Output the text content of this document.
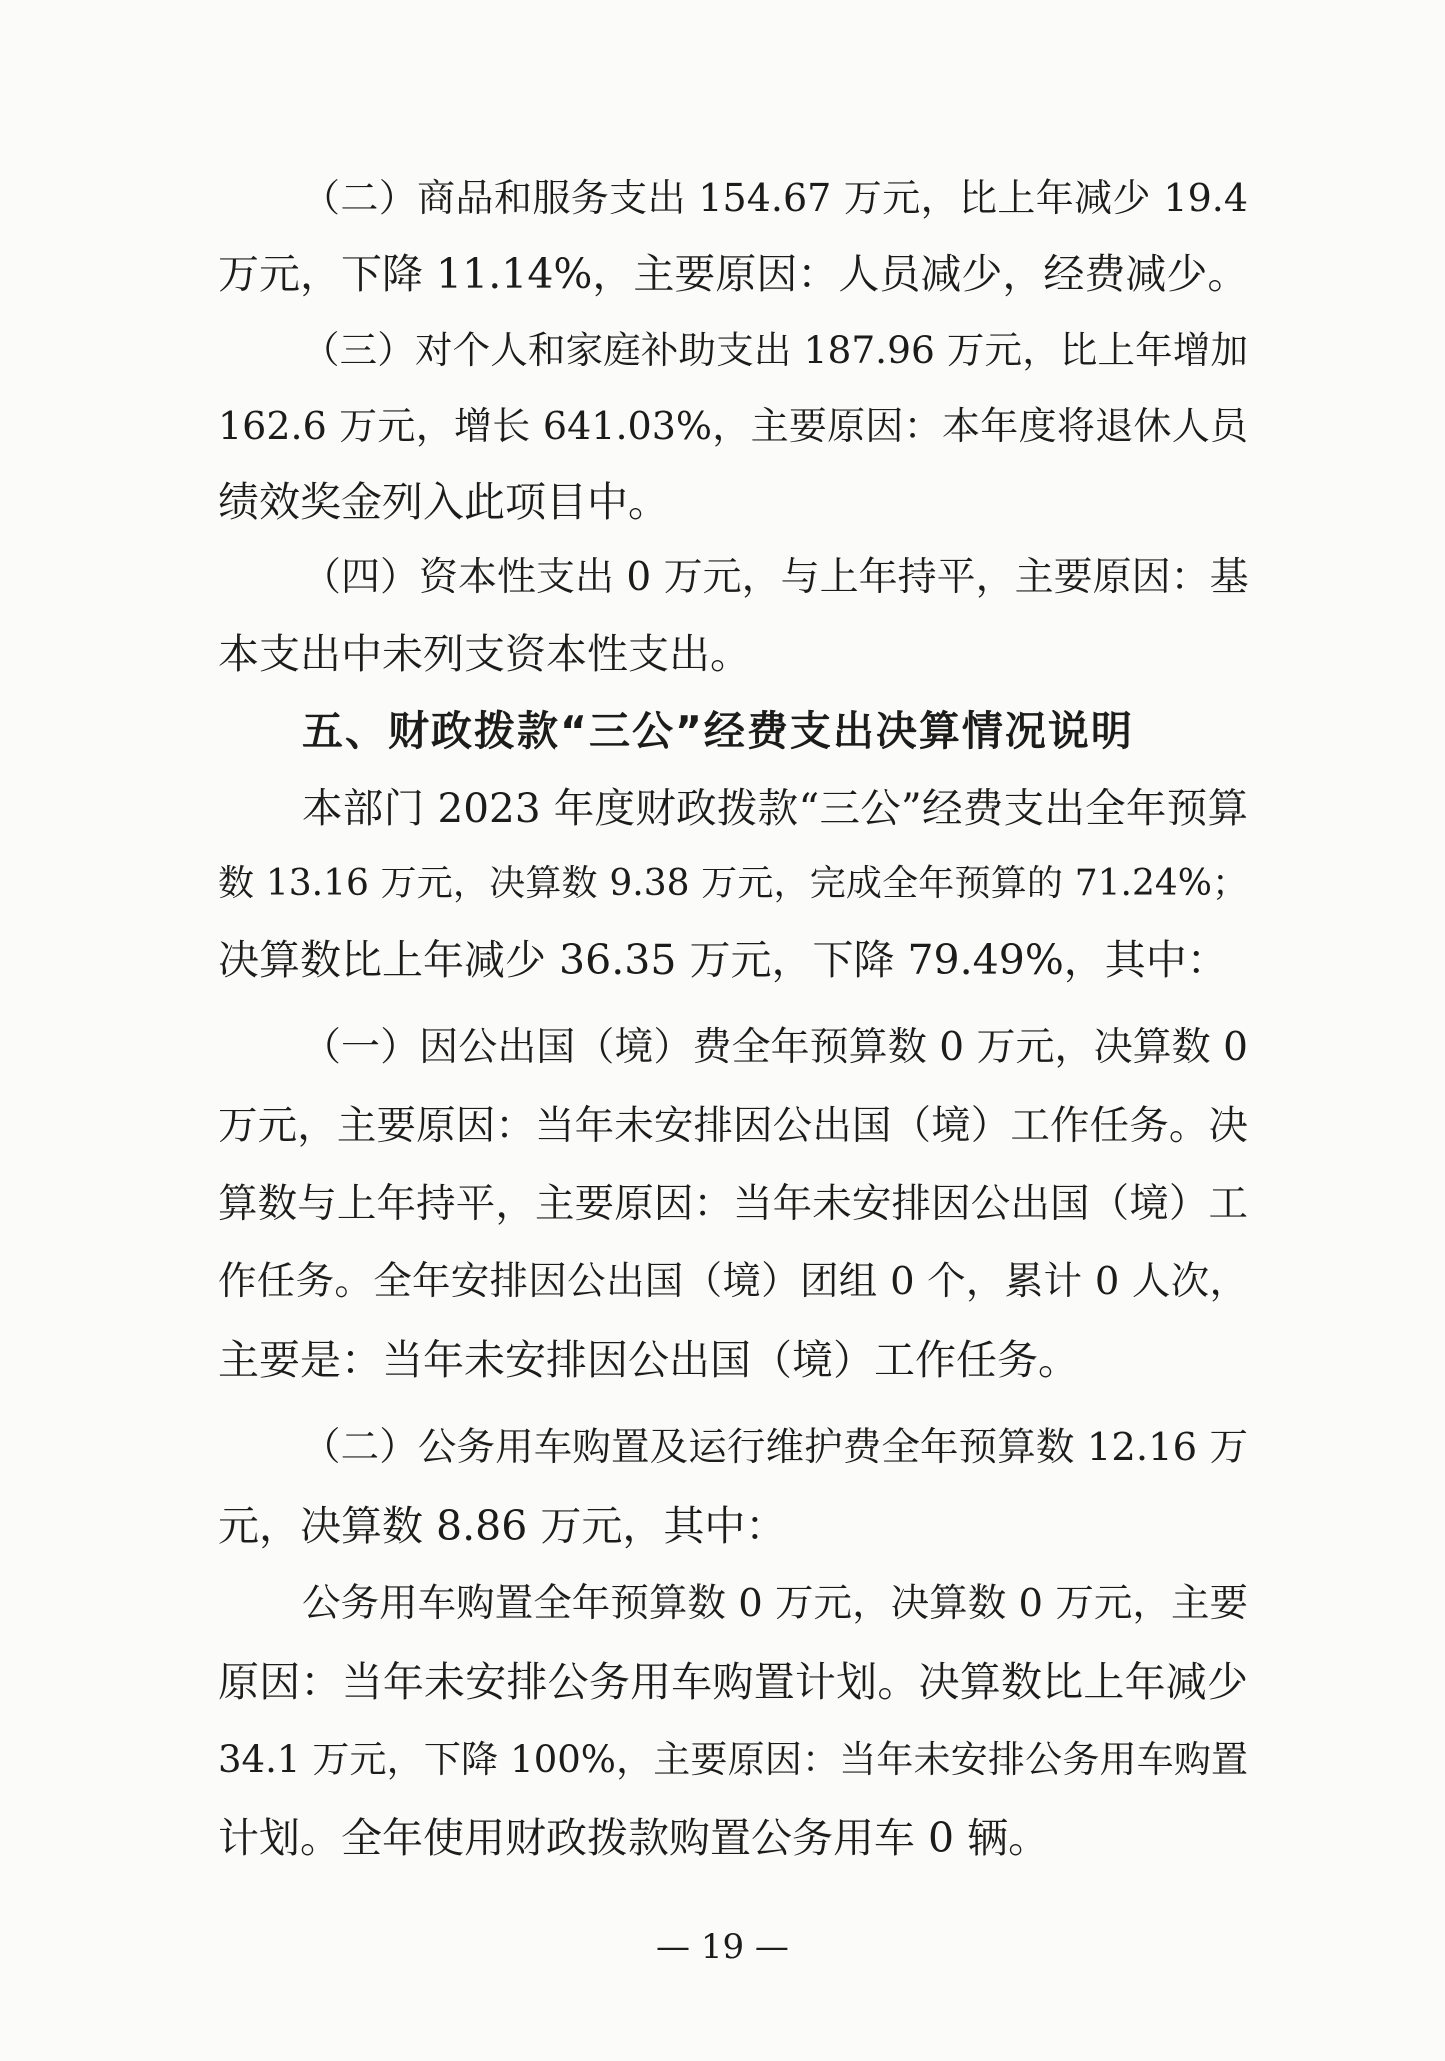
（二）商品和服务支出 154.67 万元，比上年减少 19.4
万元，下降 11.14%，主要原因：人员减少，经费减少。
（三）对个人和家庭补助支出 187.96 万元，比上年增加
162.6 万元，增长 641.03%，主要原因：本年度将退休人员
绩效奖金列入此项目中。
（四）资本性支出 0 万元，与上年持平，主要原因：基
本支出中未列支资本性支出。
五、财政拨款“三公”经费支出决算情况说明
本部门 2023 年度财政拨款“三公”经费支出全年预算
数 13.16 万元，决算数 9.38 万元，完成全年预算的 71.24%；
决算数比上年减少 36.35 万元，下降 79.49%，其中：
（一）因公出国（境）费全年预算数 0 万元，决算数 0
万元，主要原因：当年未安排因公出国（境）工作任务。决
算数与上年持平，主要原因：当年未安排因公出国（境）工
作任务。全年安排因公出国（境）团组 0 个，累计 0 人次，
主要是：当年未安排因公出国（境）工作任务。
（二）公务用车购置及运行维护费全年预算数 12.16 万
元，决算数 8.86 万元，其中：
公务用车购置全年预算数 0 万元，决算数 0 万元，主要
原因：当年未安排公务用车购置计划。决算数比上年减少
34.1 万元，下降 100%，主要原因：当年未安排公务用车购置
计划。全年使用财政拨款购置公务用车 0 辆。
— 19 —
